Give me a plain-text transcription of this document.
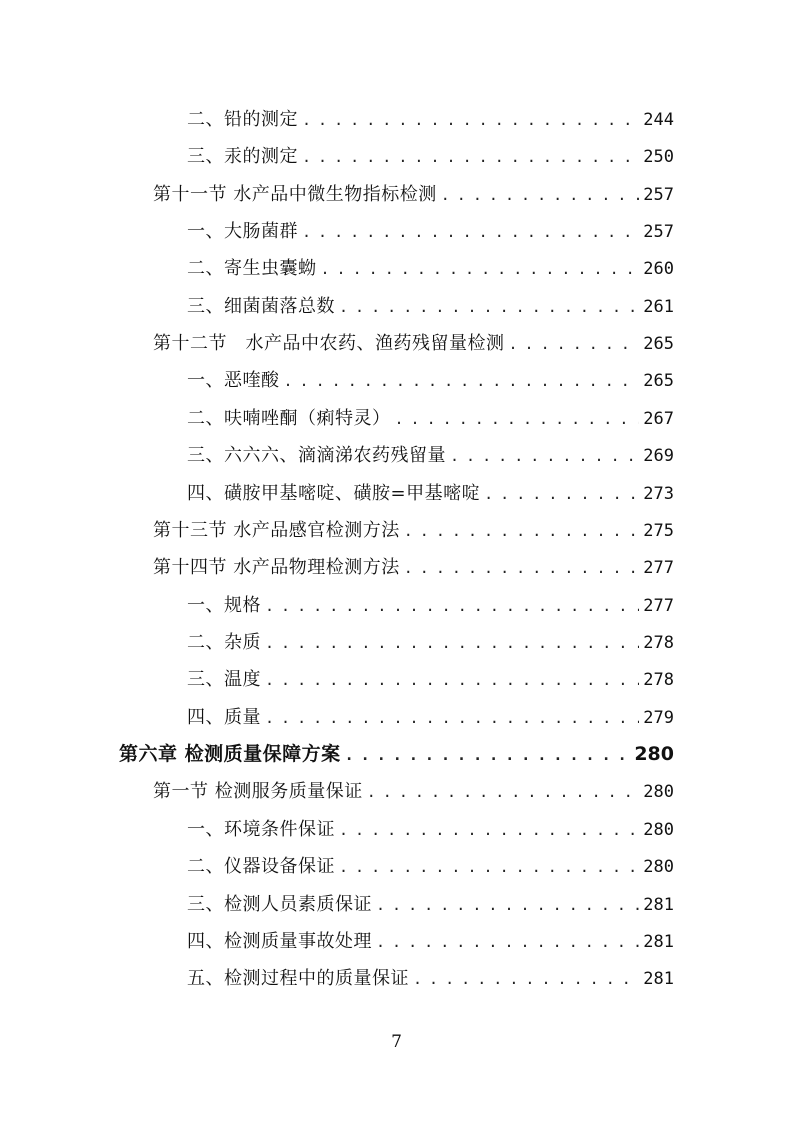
二、铅的测定 . . .	244
三、汞的测定 . . .	250
第十一节 水产品中微生物指标检测 . . .	257
一、大肠菌群 . . .	257
二、寄生虫囊蚴 . . .	260
三、细菌菌落总数 . . .	261
第十二节　水产品中农药、渔药残留量检测 . . .	265
一、恶喹酸 . . .	265
二、呋喃唑酮（痢特灵） . . .	267
三、六六六、滴滴涕农药残留量 . . .	269
四、磺胺甲基嘧啶、磺胺=甲基嘧啶 . . .	273
第十三节 水产品感官检测方法 . . .	275
第十四节 水产品物理检测方法 . . .	277
一、规格 . . .	277
二、杂质 . . .	278
三、温度 . . .	278
四、质量 . . .	279
第六章 检测质量保障方案 . . .	280
第一节 检测服务质量保证 . . .	280
一、环境条件保证 . . .	280
二、仪器设备保证 . . .	280
三、检测人员素质保证 . . .	281
四、检测质量事故处理 . . .	281
五、检测过程中的质量保证 . . .	281
7
